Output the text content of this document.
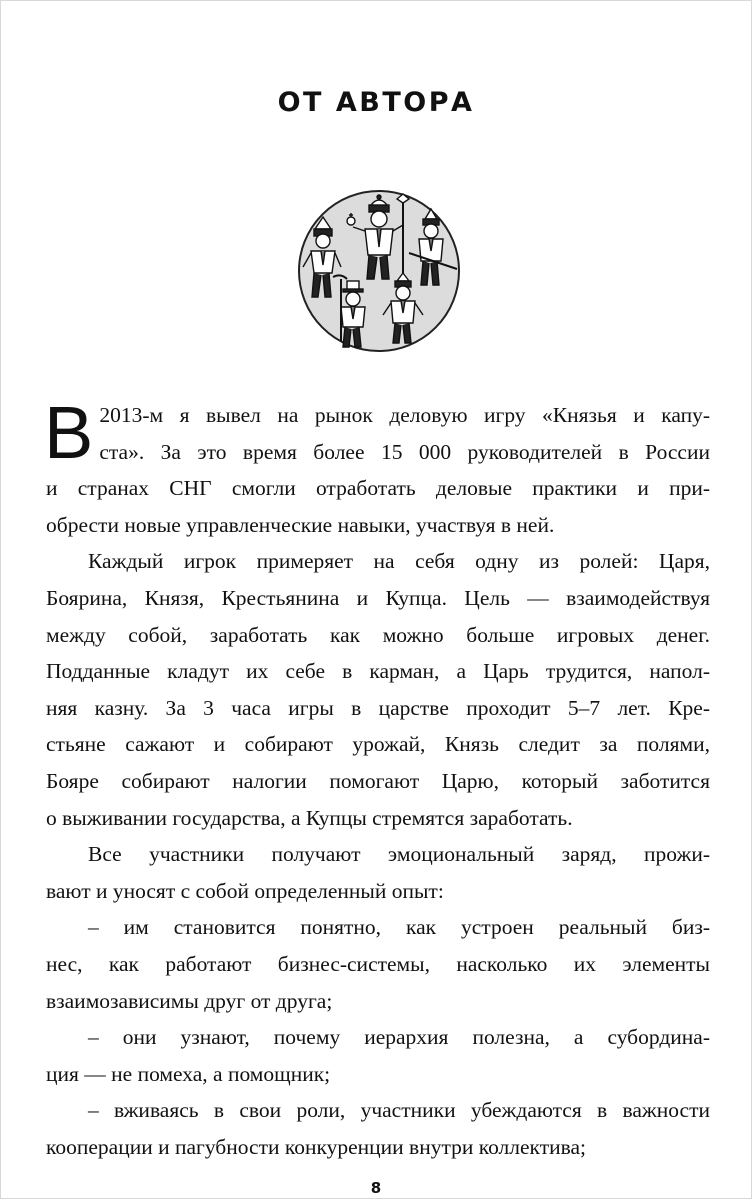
ОТ АВТОРА
В 2013-м я вывел на рынок деловую игру «Князья и капу-
ста». За это время более 15 000 руководителей в России
и странах СНГ смогли отработать деловые практики и при-
обрести новые управленческие навыки, участвуя в ней.
Каждый игрок примеряет на себя одну из ролей: Царя,
Боярина, Князя, Крестьянина и Купца. Цель — взаимодействуя
между собой, заработать как можно больше игровых денег.
Подданные кладут их себе в карман, а Царь трудится, напол-
няя казну. За 3 часа игры в царстве проходит 5–7 лет. Кре-
стьяне сажают и собирают урожай, Князь следит за полями,
Бояре собирают налогии помогают Царю, который заботится
о выживании государства, а Купцы стремятся заработать.
Все участники получают эмоциональный заряд, прожи-
вают и уносят с собой определенный опыт:
– им становится понятно, как устроен реальный биз-
нес, как работают бизнес-системы, насколько их элементы
взаимозависимы друг от друга;
– они узнают, почему иерархия полезна, а субордина-
ция — не помеха, а помощник;
– вживаясь в свои роли, участники убеждаются в важности
кооперации и пагубности конкуренции внутри коллектива;
8
